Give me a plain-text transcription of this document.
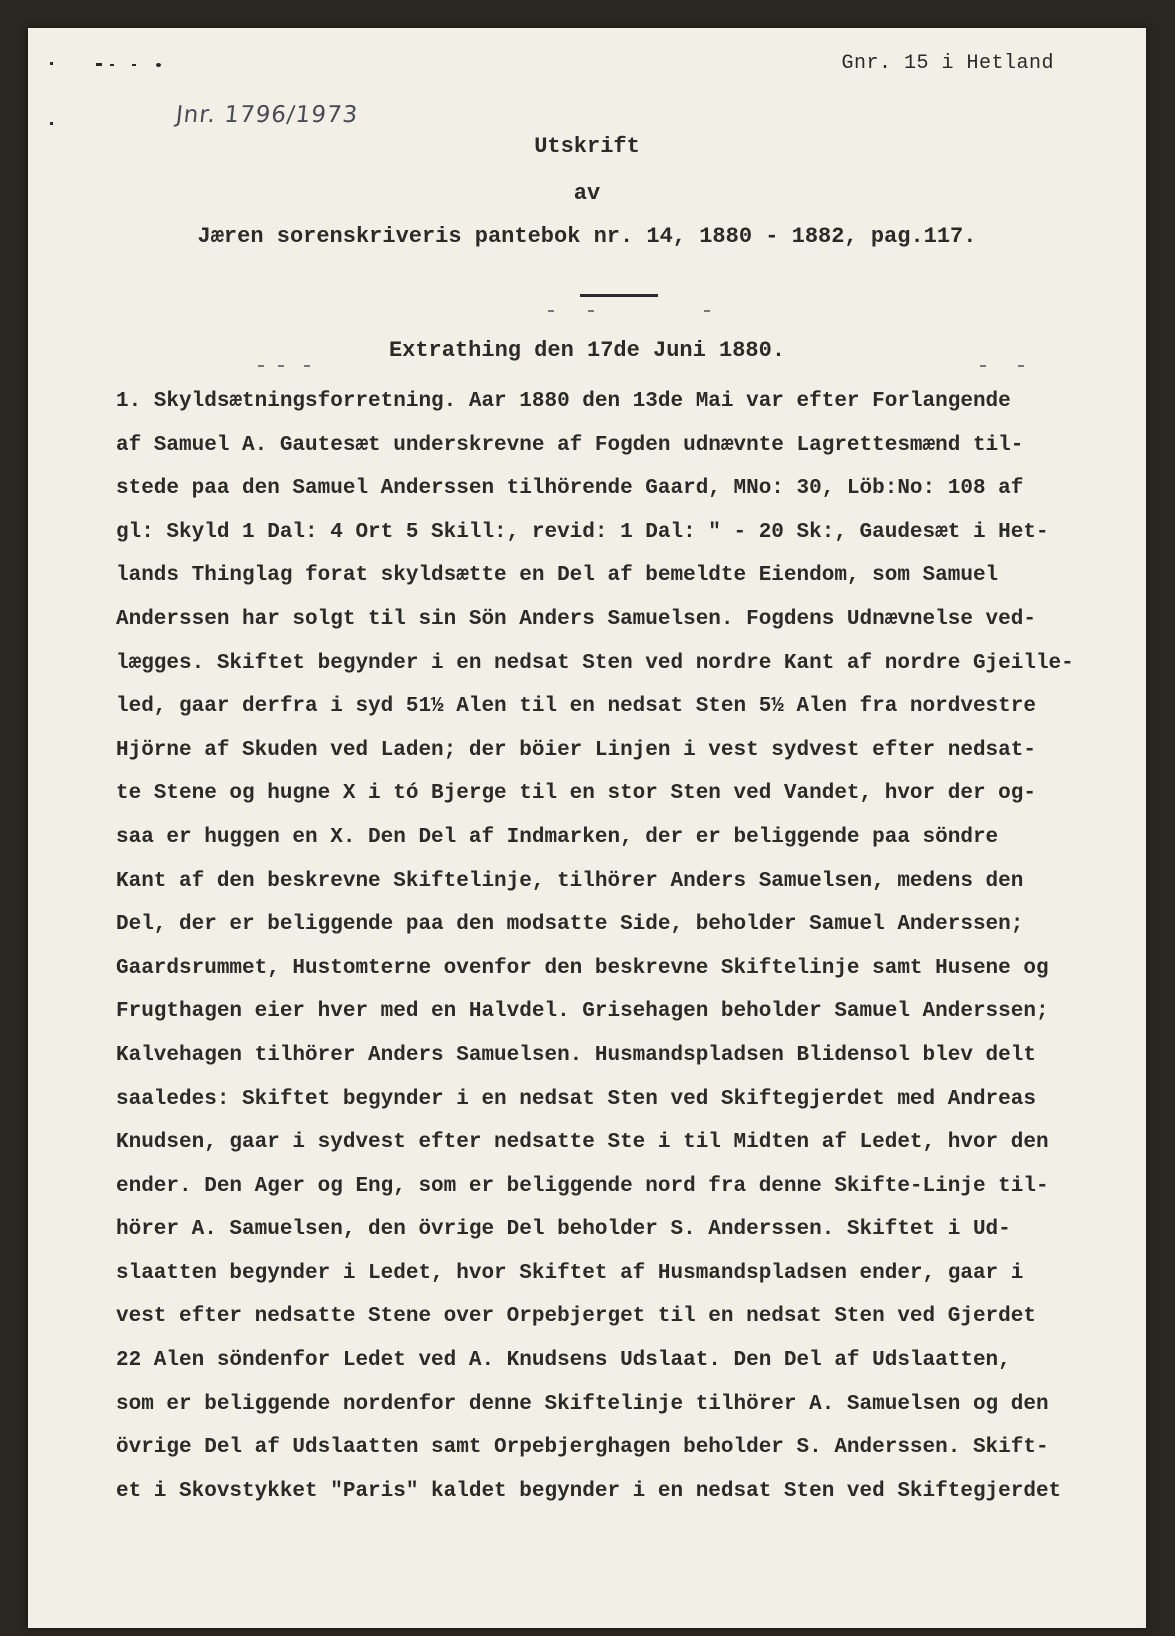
Gnr. 15 i Hetland
Jnr. 1796/1973
Utskrift
av
Jæren sorenskriveris pantebok nr. 14, 1880 - 1882, pag.117.
Extrathing den 17de Juni 1880.
1. Skyldsætningsforretning. Aar 1880 den 13de Mai var efter Forlangende
af Samuel A. Gautesæt underskrevne af Fogden udnævnte Lagrettesmænd til-
stede paa den Samuel Anderssen tilhörende Gaard, MNo: 30, Löb:No: 108 af
gl: Skyld 1 Dal: 4 Ort 5 Skill:, revid: 1 Dal: " - 20 Sk:, Gaudesæt i Het-
lands Thinglag forat skyldsætte en Del af bemeldte Eiendom, som Samuel
Anderssen har solgt til sin Sön Anders Samuelsen. Fogdens Udnævnelse ved-
lægges. Skiftet begynder i en nedsat Sten ved nordre Kant af nordre Gjeille-
led, gaar derfra i syd 51½ Alen til en nedsat Sten 5½ Alen fra nordvestre
Hjörne af Skuden ved Laden; der böier Linjen i vest sydvest efter nedsat-
te Stene og hugne X i tó Bjerge til en stor Sten ved Vandet, hvor der og-
saa er huggen en X. Den Del af Indmarken, der er beliggende paa söndre
Kant af den beskrevne Skiftelinje, tilhörer Anders Samuelsen, medens den
Del, der er beliggende paa den modsatte Side, beholder Samuel Anderssen;
Gaardsrummet, Hustomterne ovenfor den beskrevne Skiftelinje samt Husene og
Frugthagen eier hver med en Halvdel. Grisehagen beholder Samuel Anderssen;
Kalvehagen tilhörer Anders Samuelsen. Husmandspladsen Blidensol blev delt
saaledes: Skiftet begynder i en nedsat Sten ved Skiftegjerdet med Andreas
Knudsen, gaar i sydvest efter nedsatte Ste i til Midten af Ledet, hvor den
ender. Den Ager og Eng, som er beliggende nord fra denne Skifte-Linje til-
hörer A. Samuelsen, den övrige Del beholder S. Anderssen. Skiftet i Ud-
slaatten begynder i Ledet, hvor Skiftet af Husmandspladsen ender, gaar i
vest efter nedsatte Stene over Orpebjerget til en nedsat Sten ved Gjerdet
22 Alen söndenfor Ledet ved A. Knudsens Udslaat. Den Del af Udslaatten,
som er beliggende nordenfor denne Skiftelinje tilhörer A. Samuelsen og den
övrige Del af Udslaatten samt Orpebjerghagen beholder S. Anderssen. Skift-
et i Skovstykket "Paris" kaldet begynder i en nedsat Sten ved Skiftegjerdet
